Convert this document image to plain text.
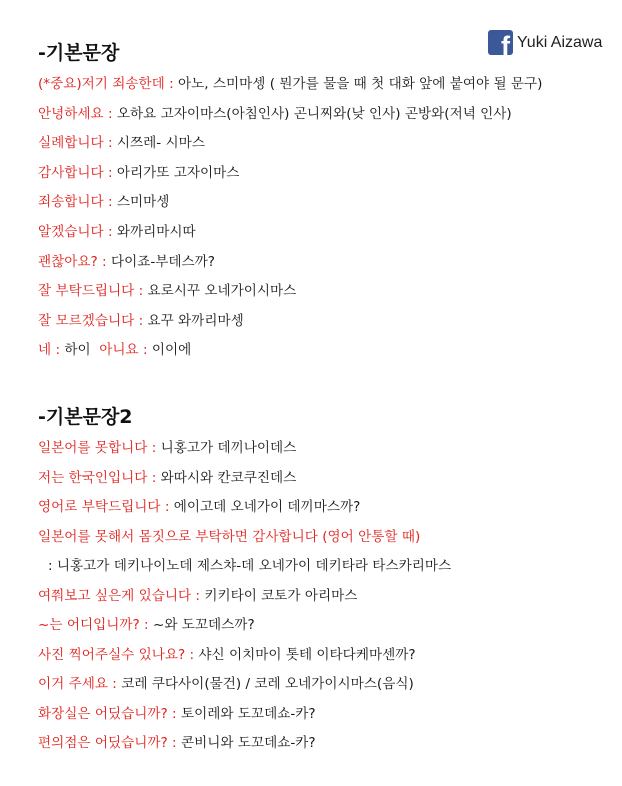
f Yuki Aizawa
-기본문장
(*중요)저기 죄송한데 : 아노, 스미마셍 ( 뭔가를 물을 때 첫 대화 앞에 붙여야 될 문구)
안녕하세요 : 오하요 고자이마스(아침인사) 곤니찌와(낮 인사) 곤방와(저녁 인사)
실례합니다 : 시쯔레- 시마스
감사합니다 : 아리가또 고자이마스
죄송합니다 : 스미마셍
알겠습니다 : 와까리마시따
괜찮아요? : 다이죠-부데스까?
잘 부탁드립니다 : 요로시꾸 오네가이시마스
잘 모르겠습니다 : 요꾸 와까리마셍
네 : 하이  아니요 : 이이에
-기본문장2
일본어를 못합니다 : 니홍고가 데끼나이데스
저는 한국인입니다 : 와따시와 칸코쿠진데스
영어로 부탁드립니다 : 에이고데 오네가이 데끼마스까?
일본어를 못해서 몸짓으로 부탁하면 감사합니다 (영어 안통할 때)
: 니홍고가 데키나이노데 제스챠-데 오네가이 데키타라 타스카리마스
여쭤보고 싶은게 있습니다 : 키키타이 코토가 아리마스
~는 어디입니까? : ~와 도꼬데스까?
사진 찍어주실수 있나요? : 샤신 이치마이 톳테 이타다케마센까?
이거 주세요 : 코레 쿠다사이(물건) / 코레 오네가이시마스(음식)
화장실은 어딨습니까? : 토이레와 도꼬데쇼-카?
편의점은 어딨습니까? : 콘비니와 도꼬데쇼-카?
